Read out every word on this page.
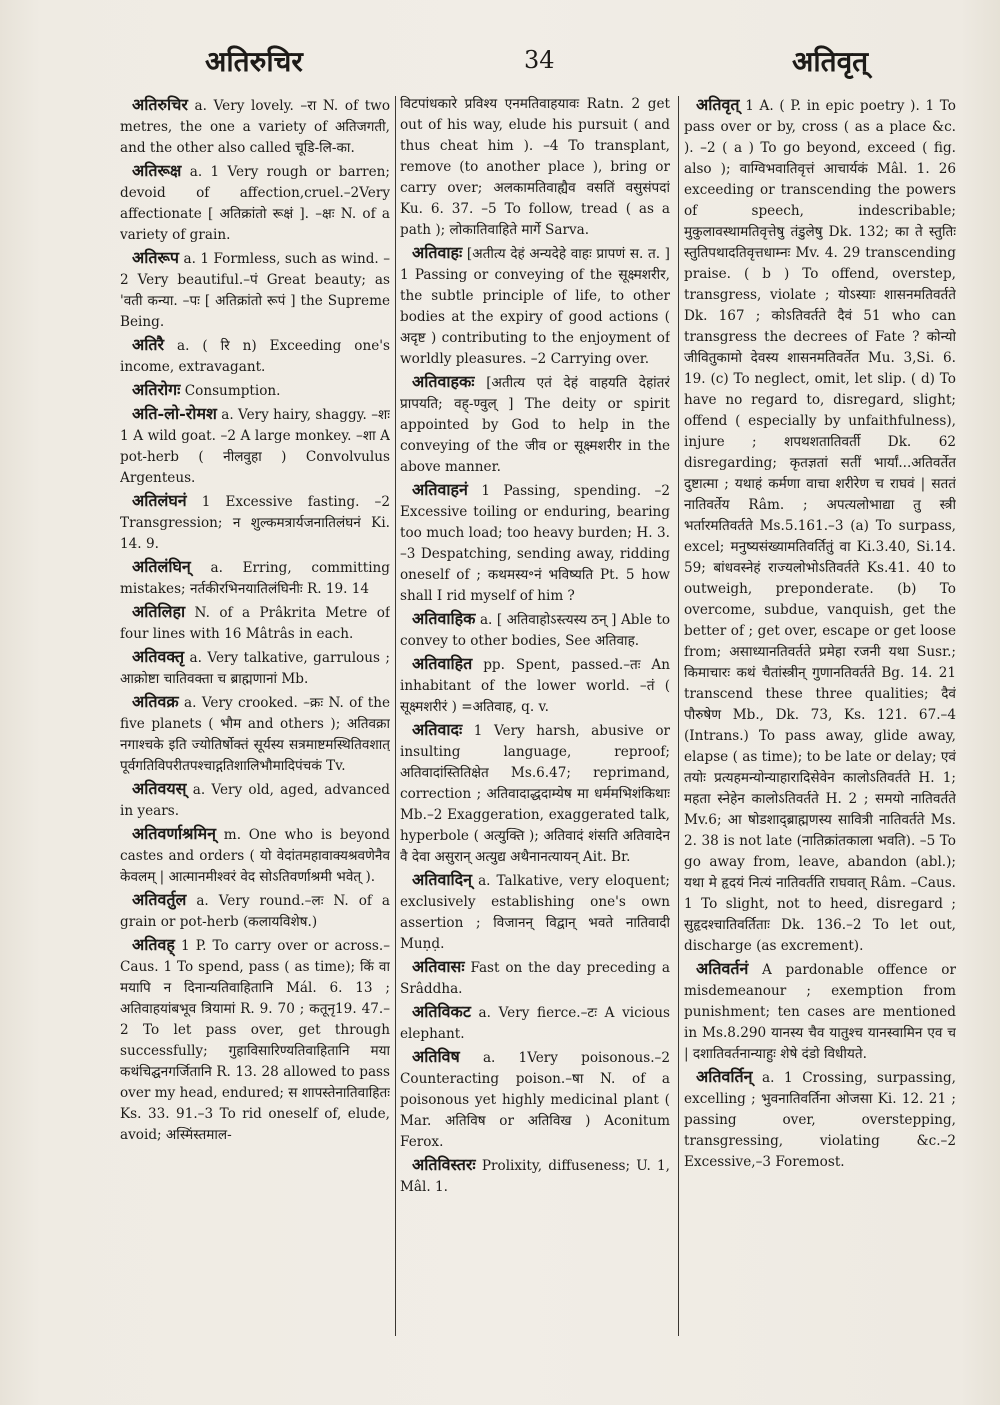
अतिरुचिर	34	अतिवृत्

अतिरुचिर a. Very lovely. –रा N. of two metres, the one a variety of अतिजगती, and the other also called चूडि-लि-का.

अतिरूक्ष a. 1 Very rough or barren; devoid of affection,cruel.–2Very affectionate [ अतिक्रांतो रूक्षं ]. –क्षः N. of a variety of grain.

अतिरूप a. 1 Formless, such as wind. –2 Very beautiful.–पं Great beauty; as 'वती कन्या. –पः [ अतिक्रांतो रूपं ] the Supreme Being.

अतिरै a. ( रि n) Exceeding one's income, extravagant.

अतिरोगः Consumption.

अति-लो-रोमश a. Very hairy, shaggy. –शः 1 A wild goat. –2 A large monkey. –शा A pot-herb ( नीलवुहा ) Convolvulus Argenteus.

अतिलंघनं 1 Excessive fasting. –2 Transgression; न शुल्कमत्रार्यजनातिलंघनं Ki. 14. 9.

अतिलंघिन् a. Erring, committing mistakes; नर्तकीरभिनयातिलंघिनीः R. 19. 14

अतिलिहा N. of a Prâkrita Metre of four lines with 16 Mâtrâs in each.

अतिवक्तृ a. Very talkative, garrulous ; आक्रोष्टा चातिवक्ता च ब्राह्मणानां Mb.

अतिवक्र a. Very crooked. –क्रः N. of the five planets ( भौम and others ); अतिवक्रा नगाश्चके इति ज्योतिर्षोक्तं सूर्यस्य सत्रमाष्टमस्थितिवशात् पूर्वगतिविपरीतपश्चाद्गतिशालिभौमादिपंचकं Tv.

अतिवयस् a. Very old, aged, advanced in years.

अतिवर्णाश्रमिन् m. One who is beyond castes and orders ( यो वेदांतमहावाक्यश्रवणेनैव केवलम् | आत्मानमीश्वरं वेद सोऽतिवर्णाश्रमी भवेत् ).

अतिवर्तुल a. Very round.–लः N. of a grain or pot-herb (कलायविशेष.)

अतिवह् 1 P. To carry over or across.–Caus. 1 To spend, pass ( as time); किं वा मयापि न दिनान्यतिवाहितानि Mál. 6. 13 ; अतिवाहयांबभूव त्रियामां R. 9. 70 ; कतूनृ19. 47.–2 To let pass over, get through successfully; गुहाविसारिण्यतिवाहितानि मया कथंचिद्घनगर्जितानि R. 13. 28 allowed to pass over my head, endured; स शापस्तेनातिवाहितः Ks. 33. 91.–3 To rid oneself of, elude, avoid; अस्मिंस्तमाल-

विटपांधकारे प्रविश्य एनमतिवाहयावः Ratn. 2 get out of his way, elude his pursuit ( and thus cheat him ). –4 To transplant, remove (to another place ), bring or carry over; अलकामतिवाह्यैव वसतिं वसुसंपदां Ku. 6. 37. –5 To follow, tread ( as a path ); लोकातिवाहिते मार्गे Sarva.

अतिवाहः [अतीत्य देहं अन्यदेहे वाहः प्रापणं स. त. ] 1 Passing or conveying of the सूक्ष्मशरीर, the subtle principle of life, to other bodies at the expiry of good actions ( अदृष्ट ) contributing to the enjoyment of worldly pleasures. –2 Carrying over.

अतिवाहकः [अतीत्य एतं देहं वाहयति देहांतरं प्रापयति; वह्-ण्वुल् ] The deity or spirit appointed by God to help in the conveying of the जीव or सूक्ष्मशरीर in the above manner.

अतिवाहनं 1 Passing, spending. –2 Excessive toiling or enduring, bearing too much load; too heavy burden; H. 3. –3 Despatching, sending away, ridding oneself of ; कथमस्य॰नं भविष्यति Pt. 5 how shall I rid myself of him ?

अतिवाहिक a. [ अतिवाहोऽस्त्यस्य ठन् ] Able to convey to other bodies, See अतिवाह.

अतिवाहित pp. Spent, passed.–तः An inhabitant of the lower world. –तं ( सूक्ष्मशरीरं ) =अतिवाह, q. v.

अतिवादः 1 Very harsh, abusive or insulting language, reproof; अतिवादांस्तितिक्षेत Ms.6.47; reprimand, correction ; अतिवादाद्धदाम्येष मा धर्ममभिशंकिथाः Mb.–2 Exaggeration, exaggerated talk, hyperbole ( अत्युक्ति ); अतिवादं शंसति अतिवादेन वै देवा असुरान् अत्युद्य अथैनानत्यायन् Ait. Br.

अतिवादिन् a. Talkative, very eloquent; exclusively establishing one's own assertion ; विजानन् विद्वान् भवते नातिवादी Muṇḍ.

अतिवासः Fast on the day preceding a Srâddha.

अतिविकट a. Very fierce.–टः A vicious elephant.

अतिविष a. 1Very poisonous.–2 Counteracting poison.–षा N. of a poisonous yet highly medicinal plant ( Mar. अतिविष or अतिविख ) Aconitum Ferox.

अतिविस्तरः Prolixity, diffuseness; U. 1, Mâl. 1.

अतिवृत् 1 A. ( P. in epic poetry ). 1 To pass over or by, cross ( as a place &c. ). –2 ( a ) To go beyond, exceed ( fig. also ); वाग्विभवातिवृत्तं आचार्यकं Mâl. 1. 26 exceeding or transcending the powers of speech, indescribable; मुकुलावस्थामतिवृत्तेषु तंडुलेषु Dk. 132; का ते स्तुतिः स्तुतिपथादतिवृत्तधाम्नः Mv. 4. 29 transcending praise. ( b ) To offend, overstep, transgress, violate ; योऽस्याः शासनमतिवर्तते Dk. 167 ; कोऽतिवर्तते दैवं 51 who can transgress the decrees of Fate ? कोन्यो जीवितुकामो देवस्य शासनमतिवर्तेत Mu. 3,Si. 6. 19. (c) To neglect, omit, let slip. ( d) To have no regard to, disregard, slight; offend ( especially by unfaithfulness), injure ; शपथशतातिवर्ती Dk. 62 disregarding; कृतज्ञतां सतीं भार्यां...अतिवर्तेत दुष्टात्मा ; यथाहं कर्मणा वाचा शरीरेण च राघवं | सततं नातिवर्तेय Râm. ; अपत्यलोभाद्या तु स्त्री भर्तारमतिवर्तते Ms.5.161.–3 (a) To surpass, excel; मनुष्यसंख्यामतिवर्तितुं वा Ki.3.40, Si.14. 59; बांधवस्नेहं राज्यलोभोऽतिवर्तते Ks.41. 40 to outweigh, preponderate. (b) To overcome, subdue, vanquish, get the better of ; get over, escape or get loose from; असाध्यानतिवर्तते प्रमेहा रजनी यथा Susr.; किमाचारः कथं चैतांस्त्रीन् गुणानतिवर्तते Bg. 14. 21 transcend these three qualities; दैवं पौरुषेण Mb., Dk. 73, Ks. 121. 67.–4 (Intrans.) To pass away, glide away, elapse ( as time); to be late or delay; एवं तयोः प्रत्यहमन्योन्याहारादिसेवेन कालोऽतिवर्तते H. 1; महता स्नेहेन कालोऽतिवर्तते H. 2 ; समयो नातिवर्तते Mv.6; आ षोडशाद्ब्राह्मणस्य सावित्री नातिवर्तते Ms. 2. 38 is not late (नातिक्रांतकाला भवति). –5 To go away from, leave, abandon (abl.); यथा मे हृदयं नित्यं नातिवर्तति राघवात् Râm. –Caus. 1 To slight, not to heed, disregard ; सुहृदश्चातिवर्तिताः Dk. 136.–2 To let out, discharge (as excrement).

अतिवर्तनं A pardonable offence or misdemeanour ; exemption from punishment; ten cases are mentioned in Ms.8.290 यानस्य चैव यातुश्च यानस्वामिन एव च | दशातिवर्तनान्याहुः शेषे दंडो विधीयते.

अतिवर्तिन् a. 1 Crossing, surpassing, excelling ; भुवनातिवर्तिना ओजसा Ki. 12. 21 ; passing over, overstepping, transgressing, violating &c.–2 Excessive,–3 Foremost.
